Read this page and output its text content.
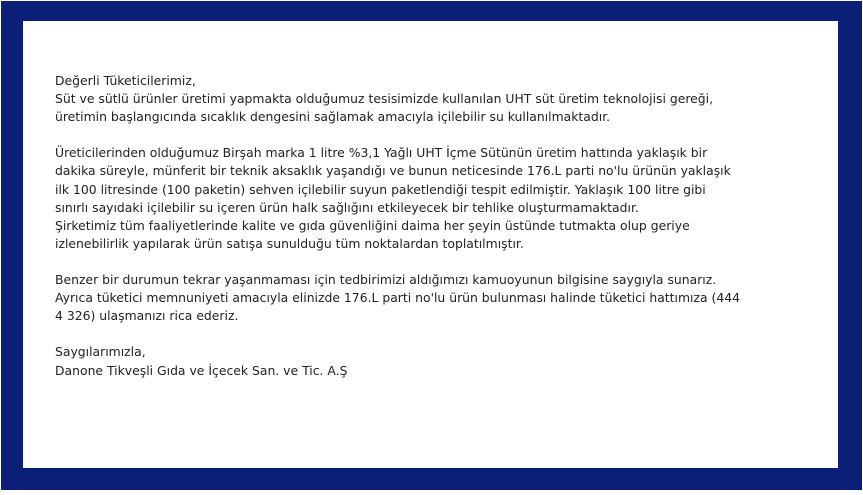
Değerli Tüketicilerimiz,
Süt ve sütlü ürünler üretimi yapmakta olduğumuz tesisimizde kullanılan UHT süt üretim teknolojisi gereği,
üretimin başlangıcında sıcaklık dengesini sağlamak amacıyla içilebilir su kullanılmaktadır.
Üreticilerinden olduğumuz Birşah marka 1 litre %3,1 Yağlı UHT İçme Sütünün üretim hattında yaklaşık bir
dakika süreyle, münferit bir teknik aksaklık yaşandığı ve bunun neticesinde 176.L parti no'lu ürünün yaklaşık
ilk 100 litresinde (100 paketin) sehven içilebilir suyun paketlendiği tespit edilmiştir. Yaklaşık 100 litre gibi
sınırlı sayıdaki içilebilir su içeren ürün halk sağlığını etkileyecek bir tehlike oluşturmamaktadır.
Şirketimiz tüm faaliyetlerinde kalite ve gıda güvenliğini daima her şeyin üstünde tutmakta olup geriye
izlenebilirlik yapılarak ürün satışa sunulduğu tüm noktalardan toplatılmıştır.
Benzer bir durumun tekrar yaşanmaması için tedbirimizi aldığımızı kamuoyunun bilgisine saygıyla sunarız.
Ayrıca tüketici memnuniyeti amacıyla elinizde 176.L parti no'lu ürün bulunması halinde tüketici hattımıza (444
4 326) ulaşmanızı rica ederiz.
Saygılarımızla,
Danone Tikveşli Gıda ve İçecek San. ve Tic. A.Ş
